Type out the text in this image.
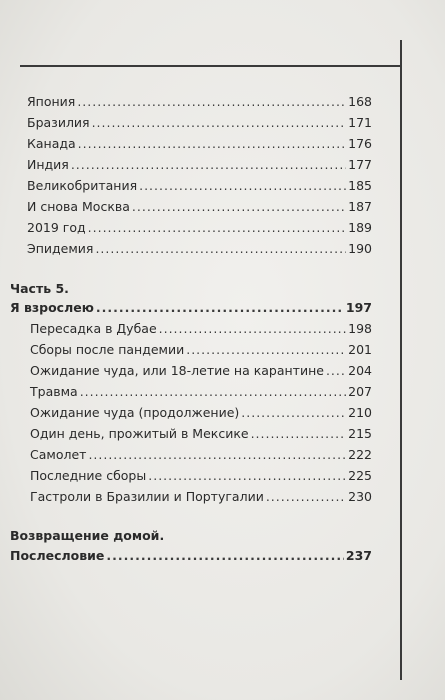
Япония .....	168
Бразилия .....	171
Канада .....	176
Индия .....	177
Великобритания .....	185
И снова Москва .....	187
2019 год .....	189
Эпидемия .....	190
Часть 5.
Я взрослею .....	197
Пересадка в Дубае .....	198
Сборы после пандемии .....	201
Ожидание чуда, или 18-летие на карантине ..... 204
Травма .....	207
Ожидание чуда (продолжение) .....	210
Один день, прожитый в Мексике .....	215
Самолет .....	222
Последние сборы .....	225
Гастроли в Бразилии и Португалии .....	230
Возвращение домой.
Послесловие .....	237
